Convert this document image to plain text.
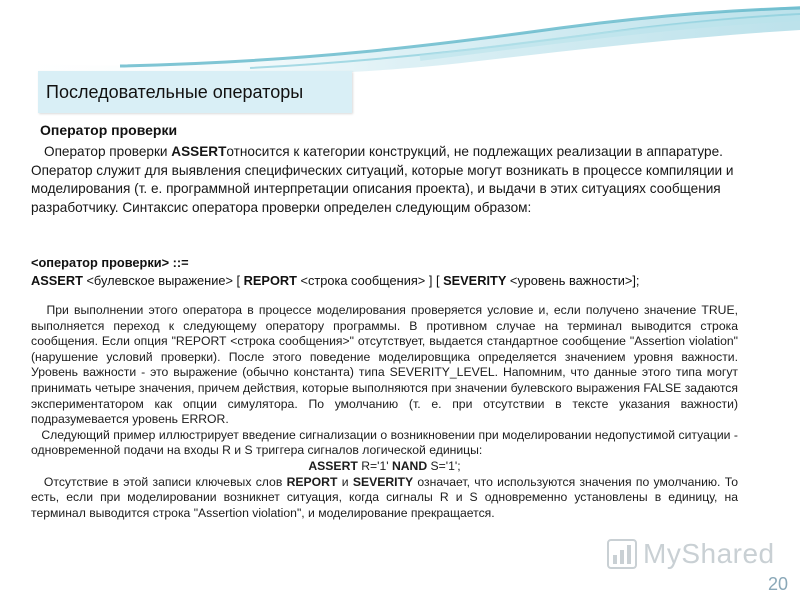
Последовательные операторы
Оператор проверки
Оператор проверки ASSERTотносится к категории конструкций, не подлежащих реализации в аппаратуре. Оператор служит для выявления специфических ситуаций, которые могут возникать в процессе компиляции и моделирования (т. е. программной интерпретации описания проекта), и выдачи в этих ситуациях сообщения разработчику. Синтаксис оператора проверки определен следующим образом:
<оператор проверки> ::=
ASSERT <булевское выражение> [ REPORT <строка сообщения> ] [ SEVERITY <уровень важности>];

При выполнении этого оператора в процессе моделирования проверяется условие и, если получено значение TRUE, выполняется переход к следующему оператору программы. В противном случае на терминал выводится строка сообщения. Если опция "REPORT <строка сообщения>" отсутствует, выдается стандартное сообщение "Assertion violation" (нарушение условий проверки). После этого поведение моделировщика определяется значением уровня важности. Уровень важности - это выражение (обычно константа) типа SEVERITY_LEVEL. Напомним, что данные этого типа могут принимать четыре значения, причем действия, которые выполняются при значении булевского выражения FALSE задаются экспериментатором как опции симулятора. По умолчанию (т. е. при отсутствии в тексте указания важности) подразумевается уровень ERROR.

Следующий пример иллюстрирует введение сигнализации о возникновении при моделировании недопустимой ситуации - одновременной подачи на входы R и S триггера сигналов логической единицы:

ASSERT R='1' NAND S='1';

Отсутствие в этой записи ключевых слов REPORT и SEVERITY означает, что используются значения по умолчанию. То есть, если при моделировании возникнет ситуация, когда сигналы R и S одновременно установлены в единицу, на терминал выводится строка "Assertion violation", и моделирование прекращается.

MyShared
20
